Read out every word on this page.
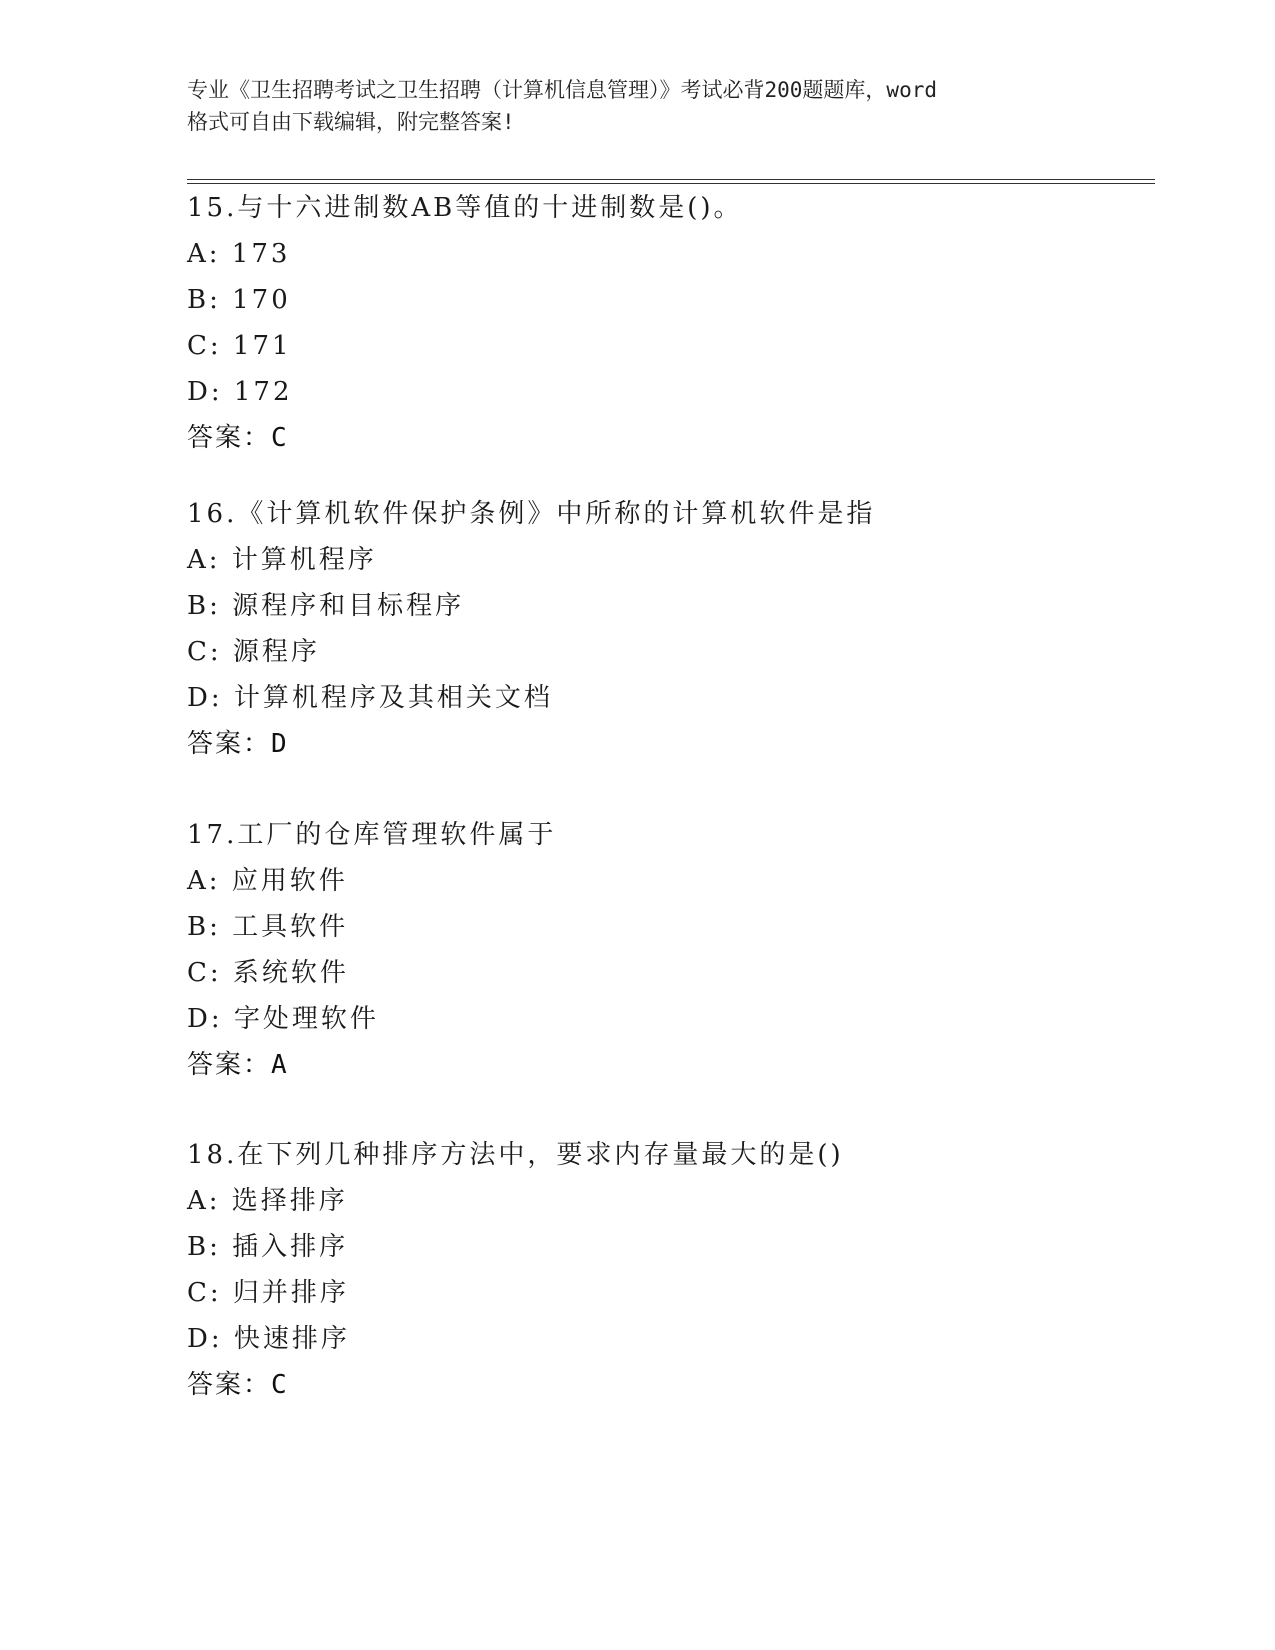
专业《卫生招聘考试之卫生招聘（计算机信息管理）》考试必背200题题库，word
格式可自由下载编辑，附完整答案!
15.与十六进制数AB等值的十进制数是()。
A: 173
B: 170
C: 171
D: 172
答案：C
16.《计算机软件保护条例》中所称的计算机软件是指
A: 计算机程序
B: 源程序和目标程序
C: 源程序
D: 计算机程序及其相关文档
答案：D
17.工厂的仓库管理软件属于
A: 应用软件
B: 工具软件
C: 系统软件
D: 字处理软件
答案：A
18.在下列几种排序方法中，要求内存量最大的是()
A: 选择排序
B: 插入排序
C: 归并排序
D: 快速排序
答案：C
